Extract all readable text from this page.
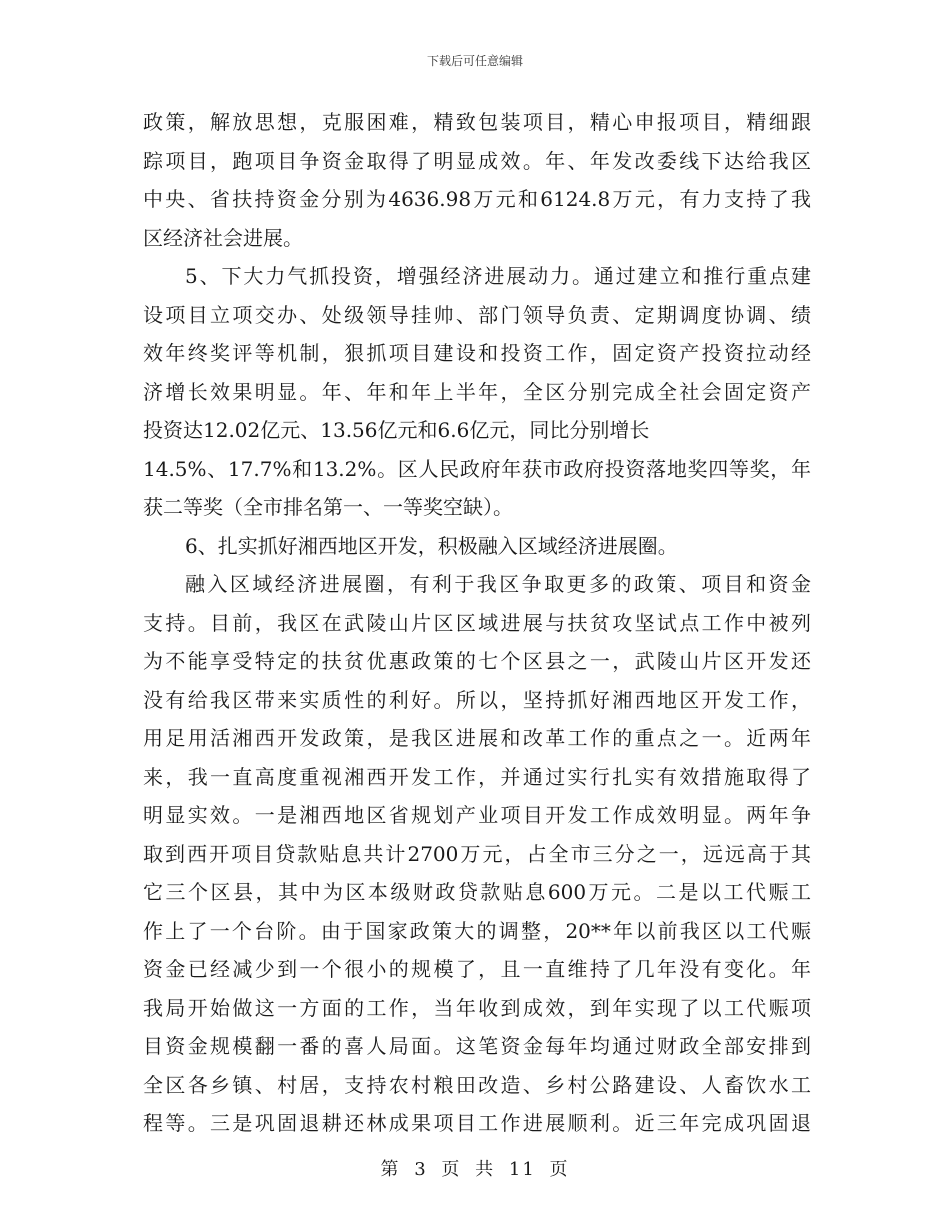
下载后可任意编辑
政策，解放思想，克服困难，精致包装项目，精心申报项目，精细跟
踪项目，跑项目争资金取得了明显成效。年、年发改委线下达给我区
中央、省扶持资金分别为4636.98万元和6124.8万元，有力支持了我
区经济社会进展。
5、下大力气抓投资，增强经济进展动力。通过建立和推行重点建
设项目立项交办、处级领导挂帅、部门领导负责、定期调度协调、绩
效年终奖评等机制，狠抓项目建设和投资工作，固定资产投资拉动经
济增长效果明显。年、年和年上半年，全区分别完成全社会固定资产
投资达12.02亿元、13.56亿元和6.6亿元，同比分别增长
14.5%、17.7%和13.2%。区人民政府年获市政府投资落地奖四等奖，年
获二等奖（全市排名第一、一等奖空缺）。
6、扎实抓好湘西地区开发，积极融入区域经济进展圈。
融入区域经济进展圈，有利于我区争取更多的政策、项目和资金
支持。目前，我区在武陵山片区区域进展与扶贫攻坚试点工作中被列
为不能享受特定的扶贫优惠政策的七个区县之一，武陵山片区开发还
没有给我区带来实质性的利好。所以，坚持抓好湘西地区开发工作，
用足用活湘西开发政策，是我区进展和改革工作的重点之一。近两年
来，我一直高度重视湘西开发工作，并通过实行扎实有效措施取得了
明显实效。一是湘西地区省规划产业项目开发工作成效明显。两年争
取到西开项目贷款贴息共计2700万元，占全市三分之一，远远高于其
它三个区县，其中为区本级财政贷款贴息600万元。二是以工代赈工
作上了一个台阶。由于国家政策大的调整，20**年以前我区以工代赈
资金已经减少到一个很小的规模了，且一直维持了几年没有变化。年
我局开始做这一方面的工作，当年收到成效，到年实现了以工代赈项
目资金规模翻一番的喜人局面。这笔资金每年均通过财政全部安排到
全区各乡镇、村居，支持农村粮田改造、乡村公路建设、人畜饮水工
程等。三是巩固退耕还林成果项目工作进展顺利。近三年完成巩固退
第 3 页 共 11 页
